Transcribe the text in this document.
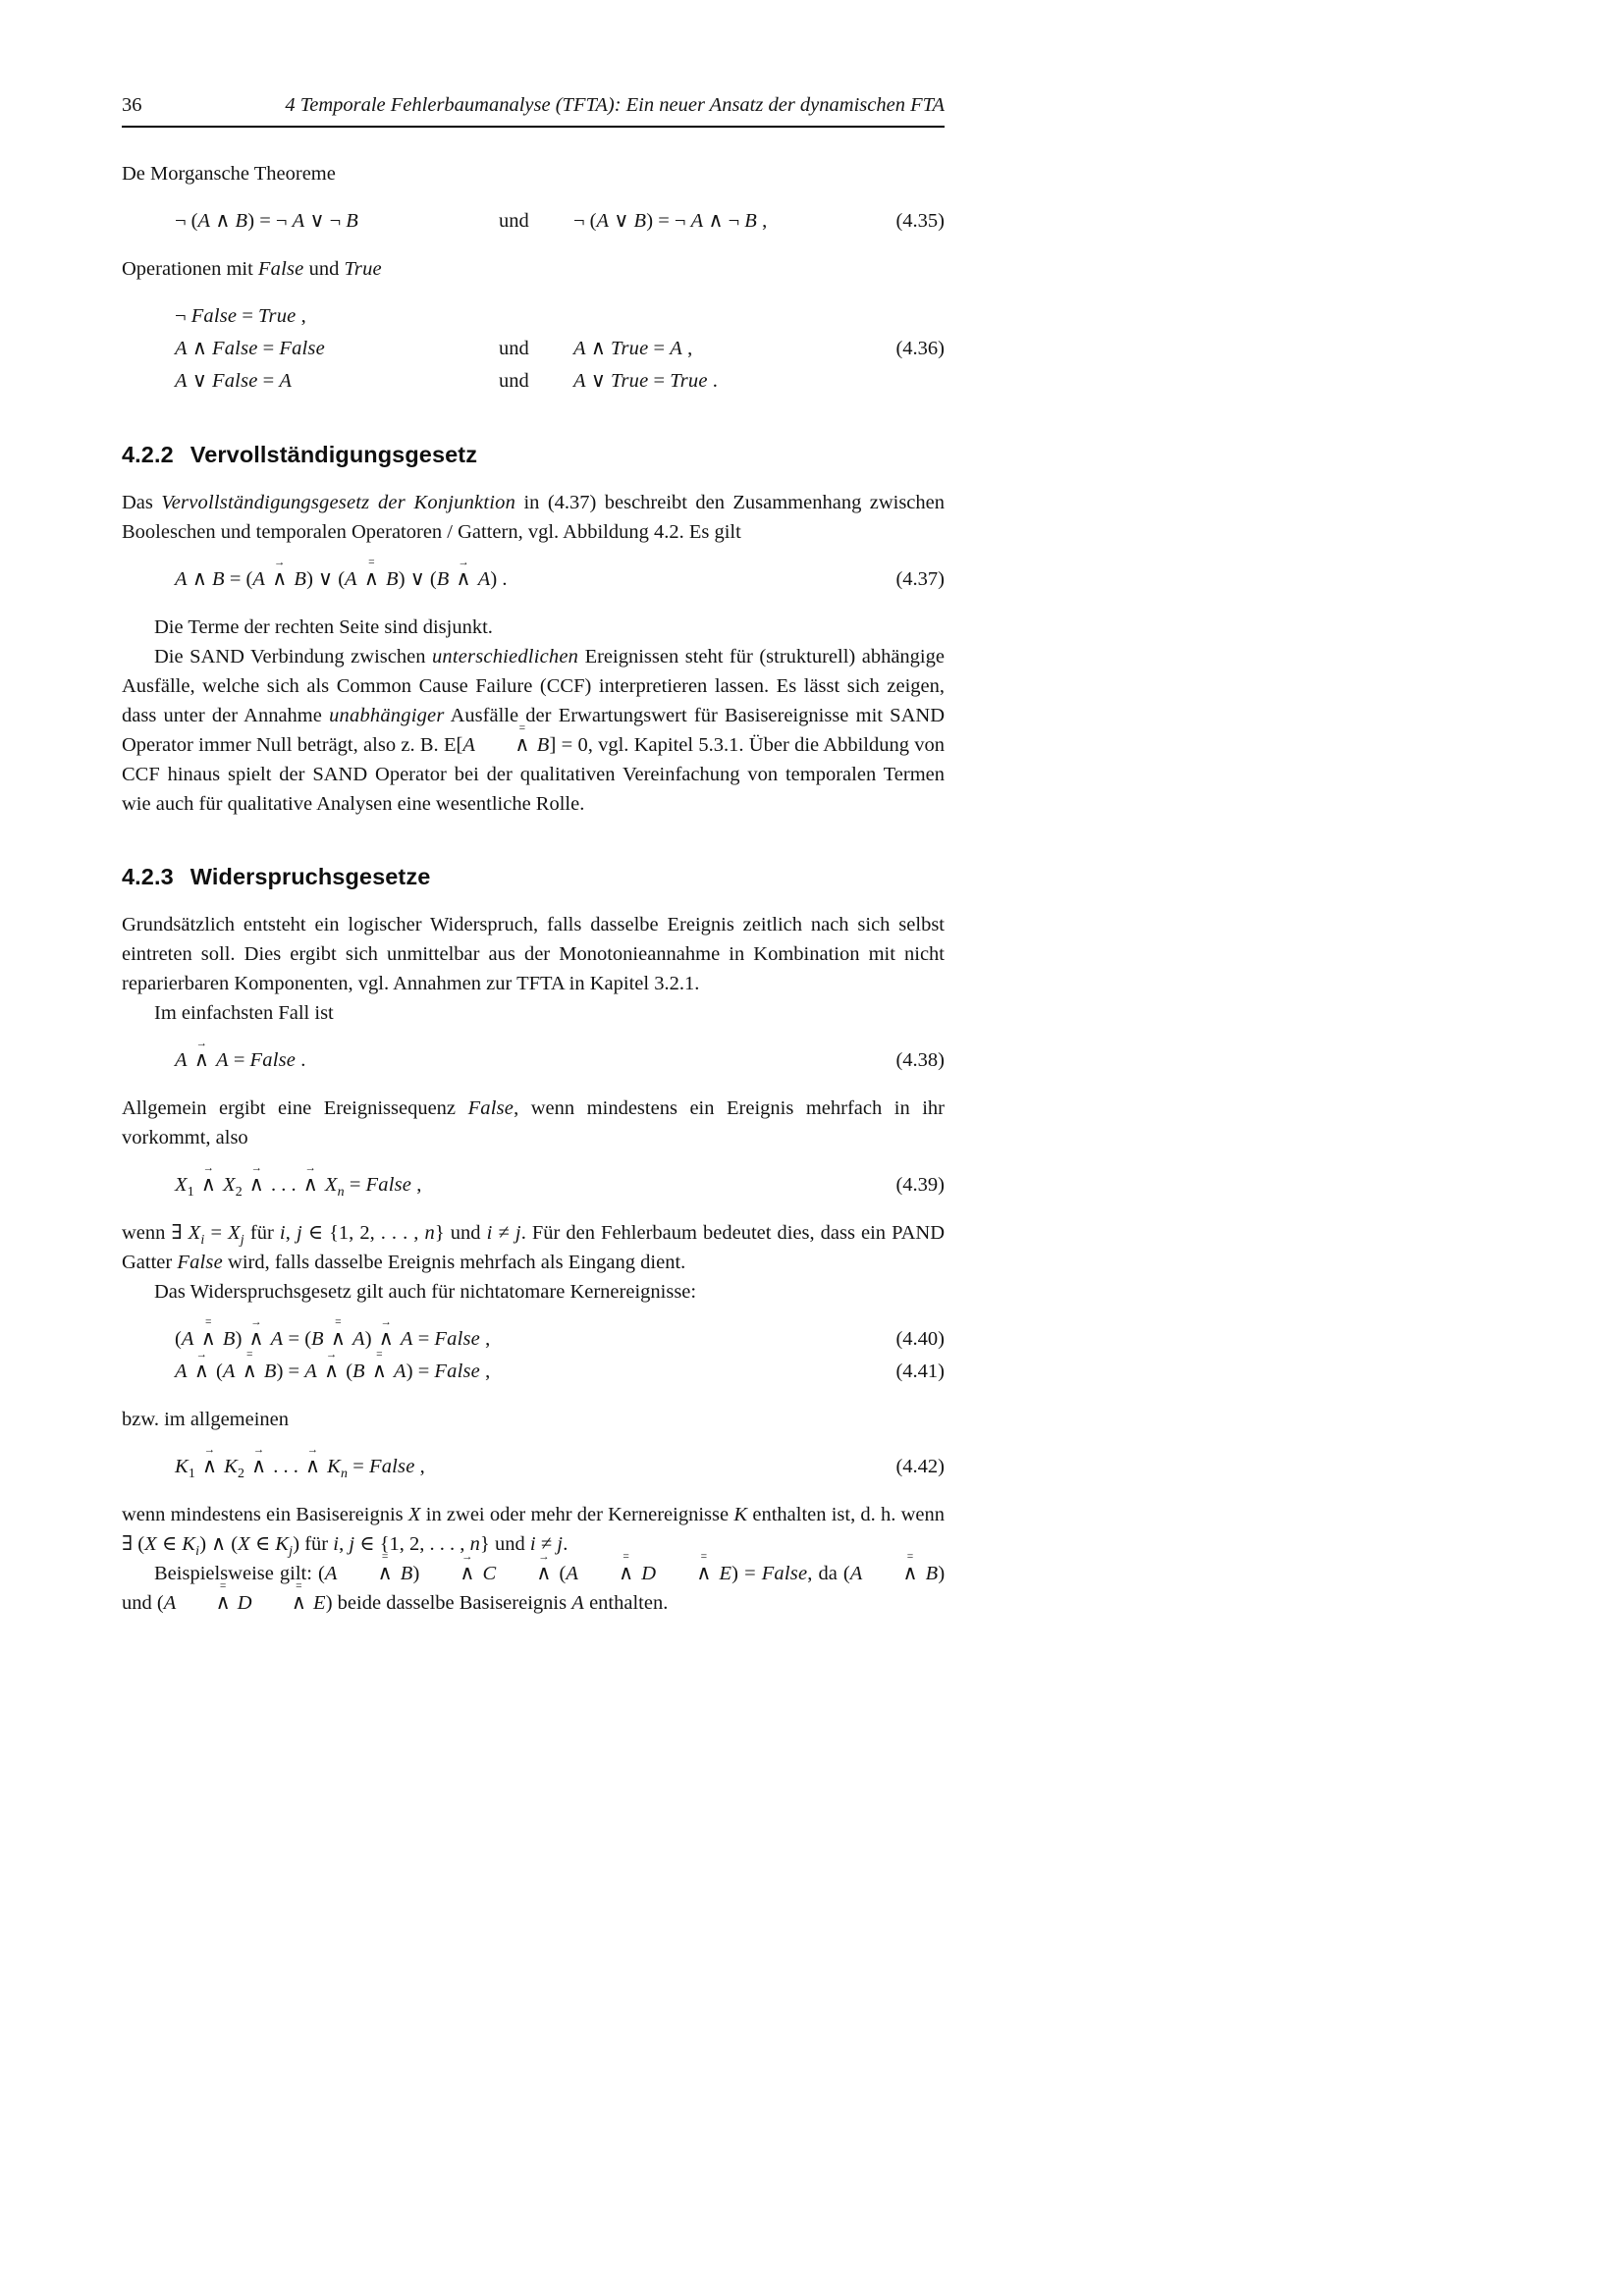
36	4 Temporale Fehlerbaumanalyse (TFTA): Ein neuer Ansatz der dynamischen FTA

De Morgansche Theoreme

¬ (A ∧ B) = ¬ A ∨ ¬ B	und	¬ (A ∨ B) = ¬ A ∧ ¬ B ,	(4.35)

Operationen mit False und True

¬ False = True ,
A ∧ False = False	und	A ∧ True = A ,	(4.36)
A ∨ False = A	und	A ∨ True = True .
4.2.2 Vervollständigungsgesetz

Das Vervollständigungsgesetz der Konjunktion in (4.37) beschreibt den Zusammenhang zwischen Booleschen und temporalen Operatoren / Gattern, vgl. Abbildung 4.2. Es gilt

A ∧ B = (A → ∧ B) ∨ (A = ∧ B) ∨ (B → ∧ A) .	(4.37)

Die Terme der rechten Seite sind disjunkt.

Die SAND Verbindung zwischen unterschiedlichen Ereignissen steht für (strukturell) abhängige Ausfälle, welche sich als Common Cause Failure (CCF) interpretieren lassen. Es lässt sich zeigen, dass unter der Annahme unabhängiger Ausfälle der Erwartungswert für Basisereignisse mit SAND Operator immer Null beträgt, also z. B. E[A = ∧ B] = 0, vgl. Kapitel 5.3.1. Über die Abbildung von CCF hinaus spielt der SAND Operator bei der qualitativen Vereinfachung von temporalen Termen wie auch für qualitative Analysen eine wesentliche Rolle.

4.2.3 Widerspruchsgesetze

Grundsätzlich entsteht ein logischer Widerspruch, falls dasselbe Ereignis zeitlich nach sich selbst eintreten soll. Dies ergibt sich unmittelbar aus der Monotonieannahme in Kombination mit nicht reparierbaren Komponenten, vgl. Annahmen zur TFTA in Kapitel 3.2.1.

Im einfachsten Fall ist

A → ∧ A = False .	(4.38)

Allgemein ergibt eine Ereignissequenz False, wenn mindestens ein Ereignis mehrfach in ihr vorkommt, also

$X_1$ → ∧ $X_2$ → ∧ . . . → ∧ $X_n$ = False ,	(4.39)

wenn ∃ $X_i = X_j$ für i, j ∈ {1, 2, . . . , n} und i ≠ j. Für den Fehlerbaum bedeutet dies, dass ein PAND Gatter False wird, falls dasselbe Ereignis mehrfach als Eingang dient.

Das Widerspruchsgesetz gilt auch für nichtatomare Kernereignisse:

(A = ∧ B) → ∧ A = (B = ∧ A) → ∧ A = False ,	(4.40)
A → ∧ (A = ∧ B) = A → ∧ (B = ∧ A) = False ,	(4.41)

bzw. im allgemeinen

$K_1$ → ∧ $K_2$ → ∧ . . . → ∧ $K_n$ = False ,	(4.42)

wenn mindestens ein Basisereignis X in zwei oder mehr der Kernereignisse K enthalten ist, d. h. wenn ∃ (X ∈ $K_i$) ∧ (X ∈ $K_j$) für i, j ∈ {1, 2, . . . , n} und i ≠ j.

Beispielsweise gilt: (A = ∧ B) → ∧ C → ∧ (A = ∧ D = ∧ E) = False, da (A = ∧ B) und (A = ∧ D = ∧ E) beide dasselbe Basisereignis A enthalten.
